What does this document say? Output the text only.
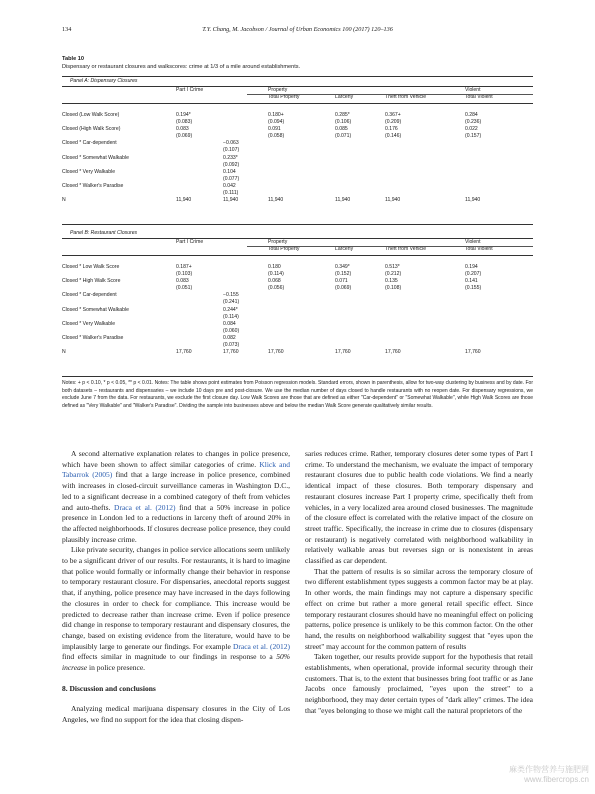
134	T.Y. Chang, M. Jacobson / Journal of Urban Economics 100 (2017) 120–136
Table 10
Dispensary or restaurant closures and walkscores: crime at 1/3 of a mile around establishments.
Panel A: Dispensary Closures
	Part I Crime		Property			Violent
			Total Property	Larceny	Theft from Vehicle	Total Violent
Closed (Low Walk Score)	0.194*		0.180+	0.285*	0.367+	0.284
	(0.083)		(0.094)	(0.106)	(0.209)	(0.236)
Closed (High Walk Score)	0.083		0.091	0.085	0.176	0.022
	(0.069)		(0.058)	(0.071)	(0.146)	(0.157)
Closed * Car-dependent		−0.063				
		(0.107)				
Closed * Somewhat Walkable		0.233*				
		(0.092)				
Closed * Very Walkable		0.104				
		(0.077)				
Closed * Walker's Paradise		0.042				
		(0.111)				
N	11,940	11,940	11,940	11,940	11,940	11,940
Panel B: Restaurant Closures
	Part I Crime		Property			Violent
			Total Property	Larceny	Theft from Vehicle	Total Violent
Closed * Low Walk Score	0.187+		0.180	0.349*	0.513*	0.194
	(0.103)		(0.114)	(0.152)	(0.212)	(0.207)
Closed * High Walk Score	0.083		0.068	0.071	0.135	0.141
	(0.051)		(0.056)	(0.069)	(0.108)	(0.155)
Closed * Car-dependent		−0.155				
		(0.241)				
Closed * Somewhat Walkable		0.244*				
		(0.114)				
Closed * Very Walkable		0.084				
		(0.060)				
Closed * Walker's Paradise		0.082				
		(0.073)				
N	17,760	17,760	17,760	17,760	17,760	17,760
Notes: + p < 0.10, * p < 0.05, ** p < 0.01. Notes: The table shows point estimates from Poisson regression models. Standard errors, shown in parenthesis, allow for two-way clustering by business and by date. For both datasets – restaurants and dispensaries – we include 10 days pre and post-closure. We use the median number of days closed to handle restaurants with no reopen date. For dispensary regressions, we exclude June 7 from the data. For restaurants, we exclude the first closure day. Low Walk Scores are those that are defined as either "Car-dependent" or "Somewhat Walkable", while High Walk Scores are those defined as "Very Walkable" and "Walker's Paradise". Dividing the sample into businesses above and below the median Walk Score generate qualitatively similar results.

A second alternative explanation relates to changes in police presence, which have been shown to affect similar categories of crime. Klick and Tabarrok (2005) find that a large increase in police presence, combined with increases in closed-circuit surveillance cameras in Washington D.C., led to a significant decrease in a combined category of theft from vehicles and auto-thefts. Draca et al. (2012) find that a 50% increase in police presence in London led to a reductions in larceny theft of around 20% in the affected neighborhoods. If closures decrease police presence, they could plausibly increase crime.

Like private security, changes in police service allocations seem unlikely to be a significant driver of our results. For restaurants, it is hard to imagine that police would formally or informally change their behavior in response to temporary restaurant closure. For dispensaries, anecdotal reports suggest that, if anything, police presence may have increased in the days following the closures in order to check for compliance. This increase would be predicted to decrease rather than increase crime. Even if police presence did change in response to temporary restaurant and dispensary closures, the change, based on existing evidence from the literature, would have to be implausibly large to generate our findings. For example Draca et al. (2012) find effects similar in magnitude to our findings in response to a 50% increase in police presence.

8. Discussion and conclusions

Analyzing medical marijuana dispensary closures in the City of Los Angeles, we find no support for the idea that closing dispen-

saries reduces crime. Rather, temporary closures deter some types of Part I crime. To understand the mechanism, we evaluate the impact of temporary restaurant closures due to public health code violations. We find a nearly identical impact of these closures. Both temporary dispensary and restaurant closures increase Part I property crime, specifically theft from vehicles, in a very localized area around closed businesses. The magnitude of the closure effect is correlated with the relative impact of the closure on street traffic. Specifically, the increase in crime due to closures (dispensary or restaurant) is negatively correlated with neighborhood walkability in relatively walkable areas but reverses sign or is nonexistent in areas classified as car dependent.

That the pattern of results is so similar across the temporary closure of two different establishment types suggests a common factor may be at play. In other words, the main findings may not capture a dispensary specific effect on crime but rather a more general retail specific effect. Since temporary restaurant closures should have no meaningful effect on policing patterns, police presence is unlikely to be this common factor. On the other hand, the results on neighborhood walkability suggest that "eyes upon the street" may account for the common pattern of results

Taken together, our results provide support for the hypothesis that retail establishments, when operational, provide informal security through their customers. That is, to the extent that businesses bring foot traffic or as Jane Jacobs once famously proclaimed, "eyes upon the street" to a neighborhood, they may deter certain types of "dark alley" crimes. The idea that "eyes belonging to those we might call the natural proprietors of the

麻类作物营养与施肥网
www.fibercrops.cn
